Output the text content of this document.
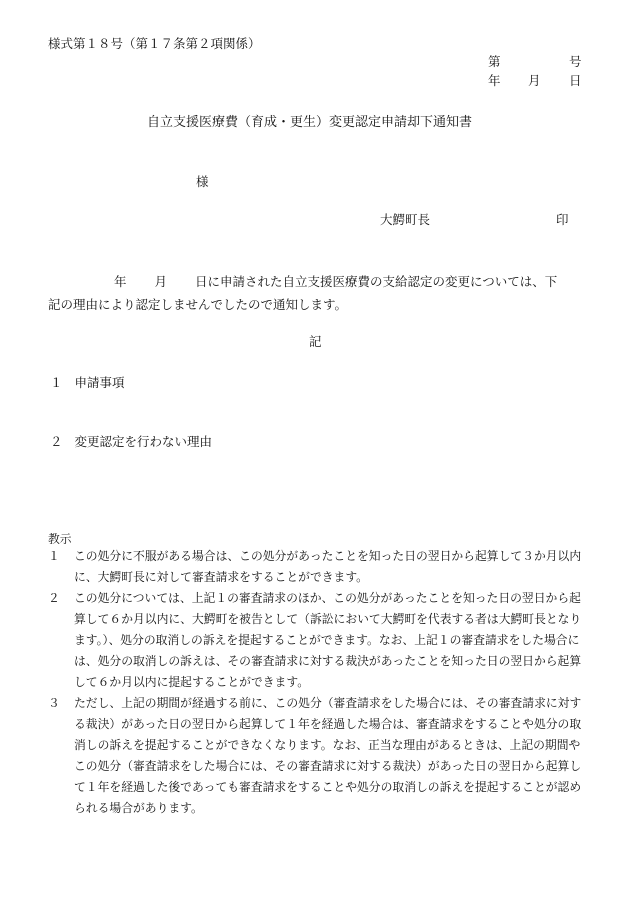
様式第１８号（第１７条第２項関係）
第	号
年 月 日
自立支援医療費（育成・更生）変更認定申請却下通知書
様
大鰐町長	印
年 月 日に申請された自立支援医療費の支給認定の変更については、下
記の理由により認定しませんでしたので通知します。
記
１ 申請事項
２ 変更認定を行わない理由
教示
１	この処分に不服がある場合は、この処分があったことを知った日の翌日から起算して３か月以内に、大鰐町長に対して審査請求をすることができます。
２	この処分については、上記１の審査請求のほか、この処分があったことを知った日の翌日から起算して６か月以内に、大鰐町を被告として（訴訟において大鰐町を代表する者は大鰐町長となります。）、処分の取消しの訴えを提起することができます。なお、上記１の審査請求をした場合には、処分の取消しの訴えは、その審査請求に対する裁決があったことを知った日の翌日から起算して６か月以内に提起することができます。
３	ただし、上記の期間が経過する前に、この処分（審査請求をした場合には、その審査請求に対する裁決）があった日の翌日から起算して１年を経過した場合は、審査請求をすることや処分の取消しの訴えを提起することができなくなります。なお、正当な理由があるときは、上記の期間やこの処分（審査請求をした場合には、その審査請求に対する裁決）があった日の翌日から起算して１年を経過した後であっても審査請求をすることや処分の取消しの訴えを提起することが認められる場合があります。
